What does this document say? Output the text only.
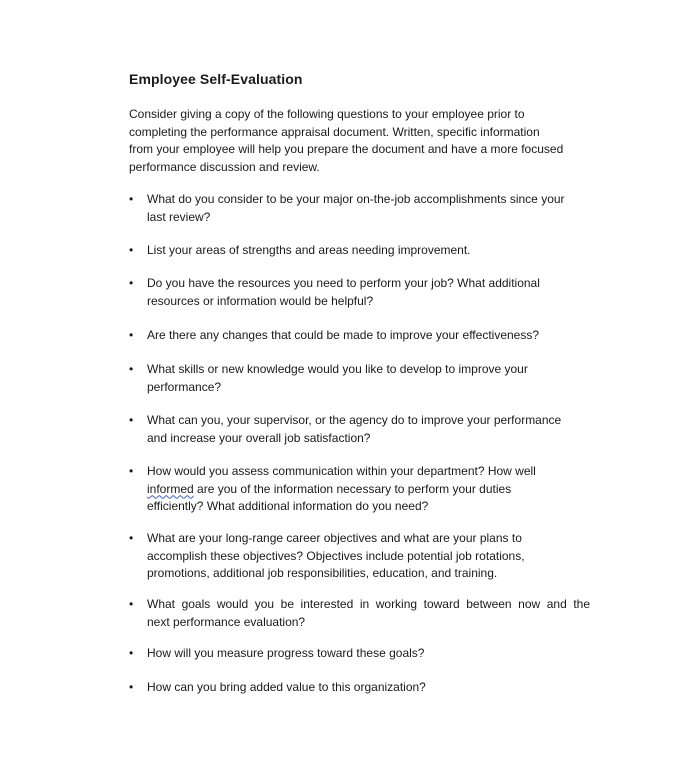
Employee Self-Evaluation
Consider giving a copy of the following questions to your employee prior to
completing the performance appraisal document. Written, specific information
from your employee will help you prepare the document and have a more focused
performance discussion and review.
• What do you consider to be your major on-the-job accomplishments since your
last review?
• List your areas of strengths and areas needing improvement.
• Do you have the resources you need to perform your job? What additional
resources or information would be helpful?
• Are there any changes that could be made to improve your effectiveness?
• What skills or new knowledge would you like to develop to improve your
performance?
• What can you, your supervisor, or the agency do to improve your performance
and increase your overall job satisfaction?
• How would you assess communication within your department? How well
informed are you of the information necessary to perform your duties
efficiently? What additional information do you need?
• What are your long-range career objectives and what are your plans to
accomplish these objectives? Objectives include potential job rotations,
promotions, additional job responsibilities, education, and training.
• What goals would you be interested in working toward between now and the
next performance evaluation?
• How will you measure progress toward these goals?
• How can you bring added value to this organization?
